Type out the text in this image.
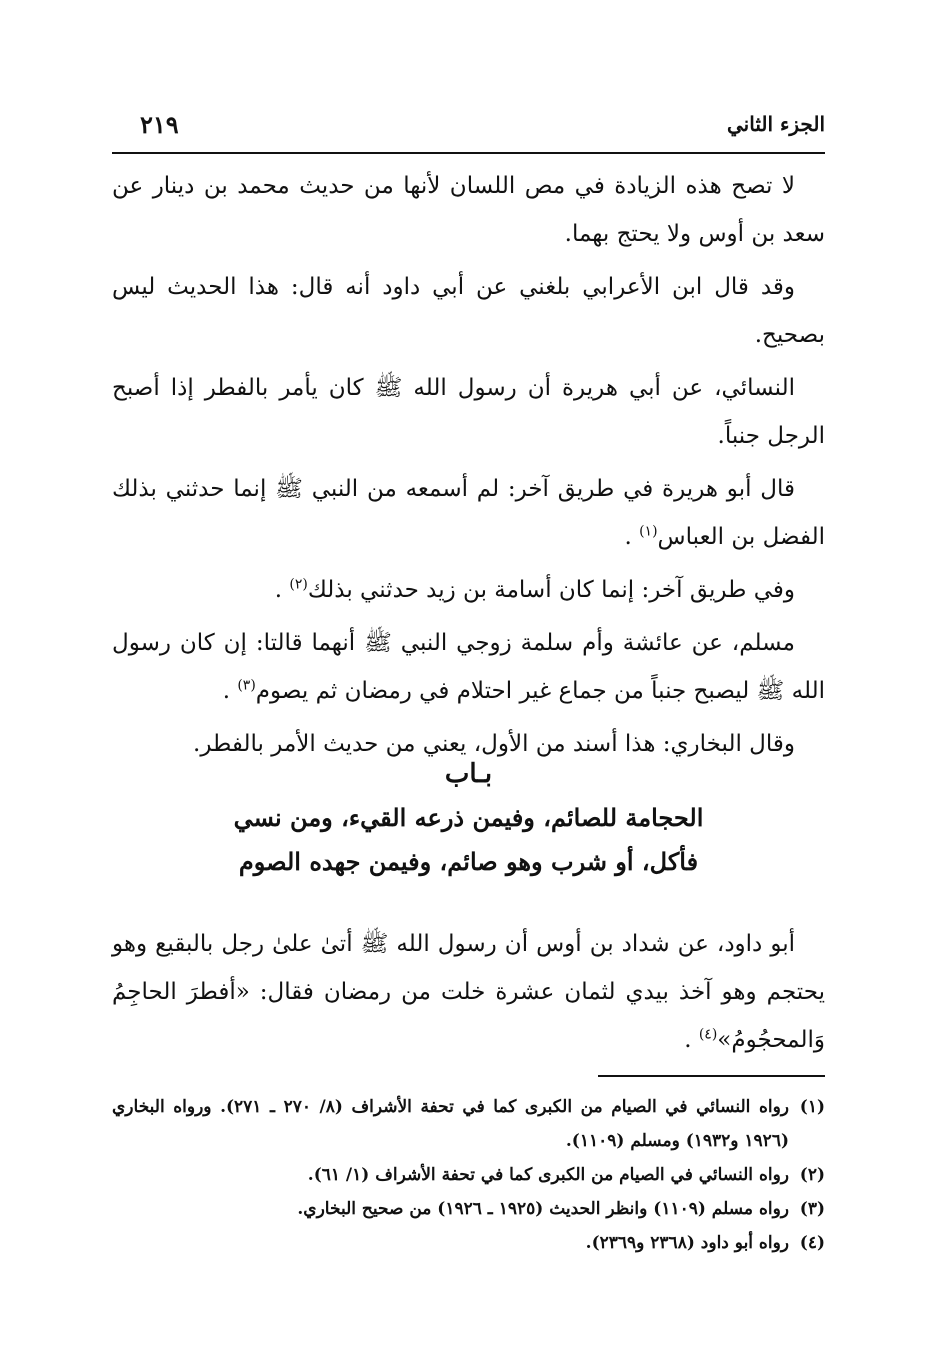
الجزء الثاني
٢١٩

لا تصح هذه الزيادة في مص اللسان لأنها من حديث محمد بن دينار عن سعد بن أوس ولا يحتج بهما.

وقد قال ابن الأعرابي بلغني عن أبي داود أنه قال: هذا الحديث ليس بصحيح.

النسائي، عن أبي هريرة أن رسول الله ﷺ كان يأمر بالفطر إذا أصبح الرجل جنباً.

قال أبو هريرة في طريق آخر: لم أسمعه من النبي ﷺ إنما حدثني بذلك الفضل بن العباس$^{(١)}$ .

وفي طريق آخر: إنما كان أسامة بن زيد حدثني بذلك$^{(٢)}$ .

مسلم، عن عائشة وأم سلمة زوجي النبي ﷺ أنهما قالتا: إن كان رسول الله ﷺ ليصبح جنباً من جماع غير احتلام في رمضان ثم يصوم$^{(٣)}$ .

وقال البخاري: هذا أسند من الأول، يعني من حديث الأمر بالفطر.

بـاب
الحجامة للصائم، وفيمن ذرعه القيء، ومن نسي فأكل، أو شرب وهو صائم، وفيمن جهده الصوم

أبو داود، عن شداد بن أوس أن رسول الله ﷺ أتىٰ علىٰ رجل بالبقيع وهو يحتجم وهو آخذ بيدي لثمان عشرة خلت من رمضان فقال: «أفطرَ الحاجِمُ وَالمحجُومُ»$^{(٤)}$ .

(١)رواه النسائي في الصيام من الكبرى كما في تحفة الأشراف (٨/ ٢٧٠ ـ ٢٧١). ورواه البخاري (١٩٢٦ و١٩٣٢) ومسلم (١١٠٩).

(٢)رواه النسائي في الصيام من الكبرى كما في تحفة الأشراف (١/ ٦١).

(٣)رواه مسلم (١١٠٩) وانظر الحديث (١٩٢٥ ـ ١٩٢٦) من صحيح البخاري.

(٤)رواه أبو داود (٢٣٦٨ و٢٣٦٩).
